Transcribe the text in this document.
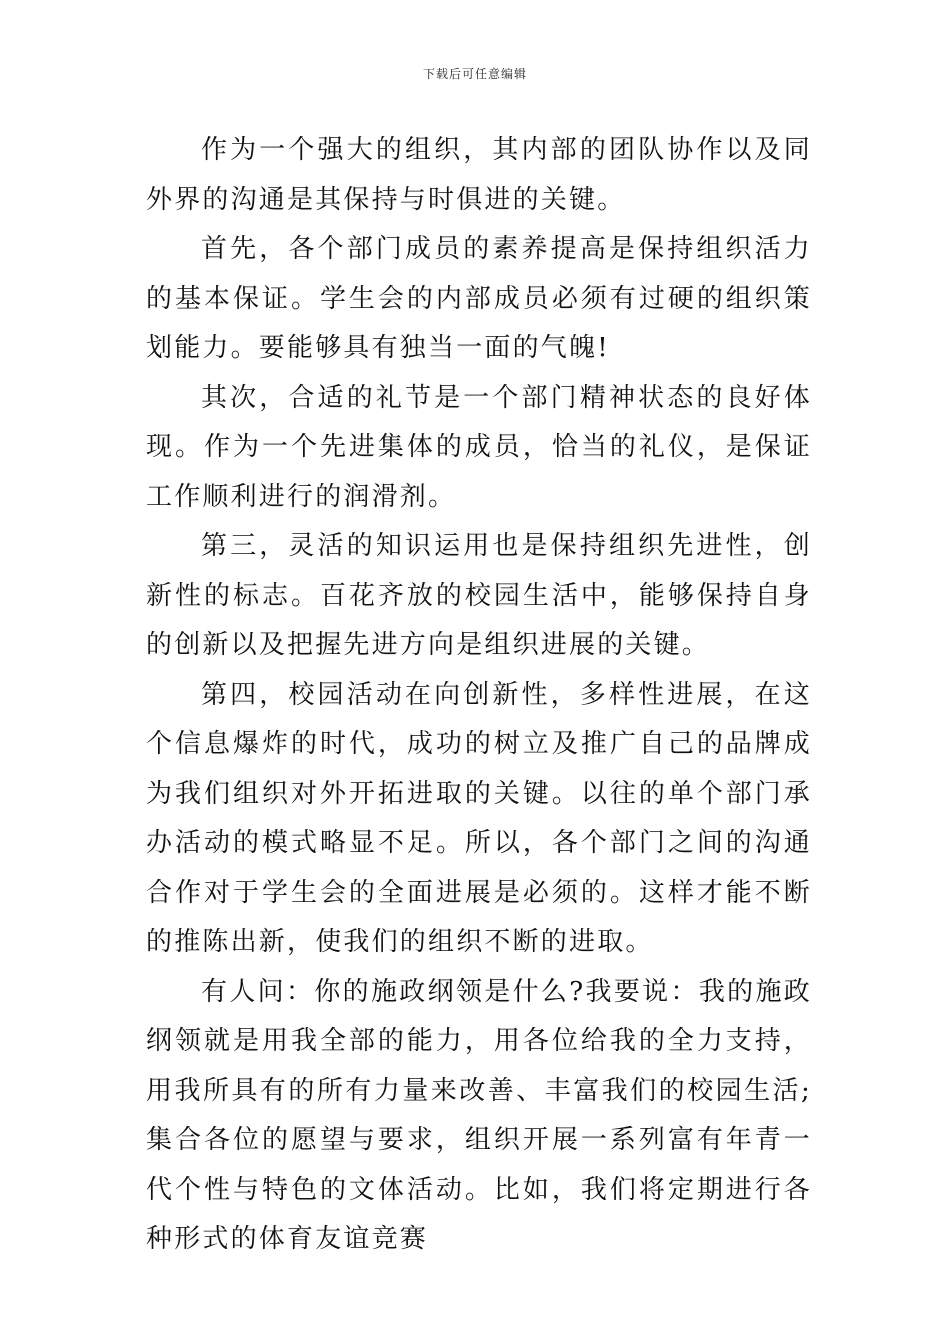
下载后可任意编辑

作为一个强大的组织，其内部的团队协作以及同外界的沟通是其保持与时俱进的关键。

首先，各个部门成员的素养提高是保持组织活力的基本保证。学生会的内部成员必须有过硬的组织策划能力。要能够具有独当一面的气魄!

其次，合适的礼节是一个部门精神状态的良好体现。作为一个先进集体的成员，恰当的礼仪，是保证工作顺利进行的润滑剂。

第三，灵活的知识运用也是保持组织先进性，创新性的标志。百花齐放的校园生活中，能够保持自身的创新以及把握先进方向是组织进展的关键。

第四，校园活动在向创新性，多样性进展，在这个信息爆炸的时代，成功的树立及推广自己的品牌成为我们组织对外开拓进取的关键。以往的单个部门承办活动的模式略显不足。所以，各个部门之间的沟通合作对于学生会的全面进展是必须的。这样才能不断的推陈出新，使我们的组织不断的进取。

有人问：你的施政纲领是什么?我要说：我的施政纲领就是用我全部的能力，用各位给我的全力支持，用我所具有的所有力量来改善、丰富我们的校园生活;集合各位的愿望与要求，组织开展一系列富有年青一代个性与特色的文体活动。比如，我们将定期进行各种形式的体育友谊竞赛
